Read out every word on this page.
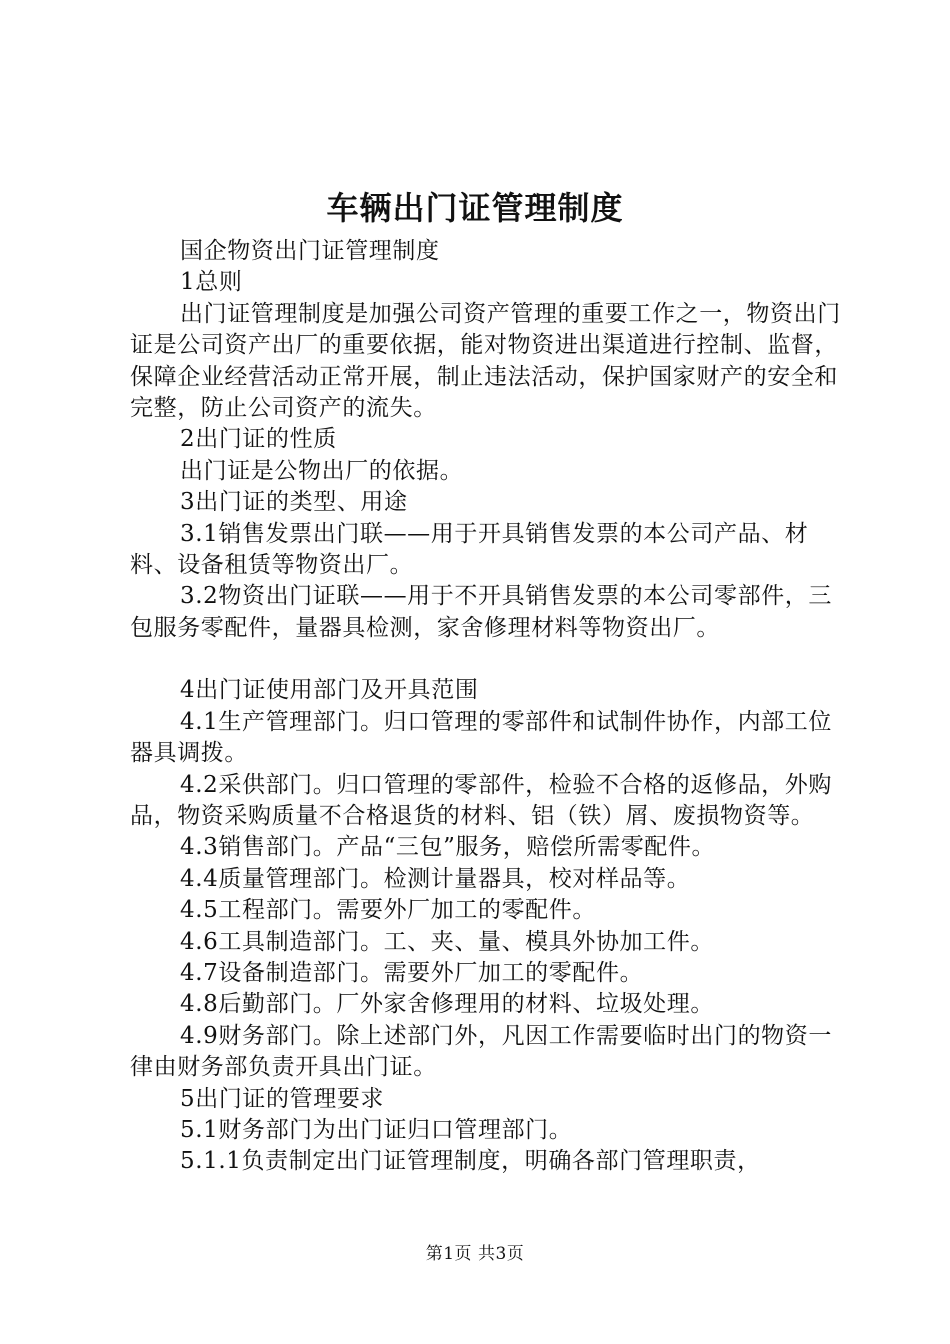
车辆出门证管理制度

国企物资出门证管理制度

1总则

出门证管理制度是加强公司资产管理的重要工作之一，物资出门证是公司资产出厂的重要依据，能对物资进出渠道进行控制、监督，保障企业经营活动正常开展，制止违法活动，保护国家财产的安全和完整，防止公司资产的流失。

2出门证的性质

出门证是公物出厂的依据。

3出门证的类型、用途

3.1销售发票出门联——用于开具销售发票的本公司产品、材料、设备租赁等物资出厂。

3.2物资出门证联——用于不开具销售发票的本公司零部件，三包服务零配件，量器具检测，家舍修理材料等物资出厂。

4出门证使用部门及开具范围

4.1生产管理部门。归口管理的零部件和试制件协作，内部工位器具调拨。

4.2采供部门。归口管理的零部件，检验不合格的返修品，外购品，物资采购质量不合格退货的材料、铝（铁）屑、废损物资等。

4.3销售部门。产品“三包”服务，赔偿所需零配件。

4.4质量管理部门。检测计量器具，校对样品等。

4.5工程部门。需要外厂加工的零配件。

4.6工具制造部门。工、夹、量、模具外协加工件。

4.7设备制造部门。需要外厂加工的零配件。

4.8后勤部门。厂外家舍修理用的材料、垃圾处理。

4.9财务部门。除上述部门外，凡因工作需要临时出门的物资一律由财务部负责开具出门证。

5出门证的管理要求

5.1财务部门为出门证归口管理部门。

5.1.1负责制定出门证管理制度，明确各部门管理职责，

第1页 共3页
